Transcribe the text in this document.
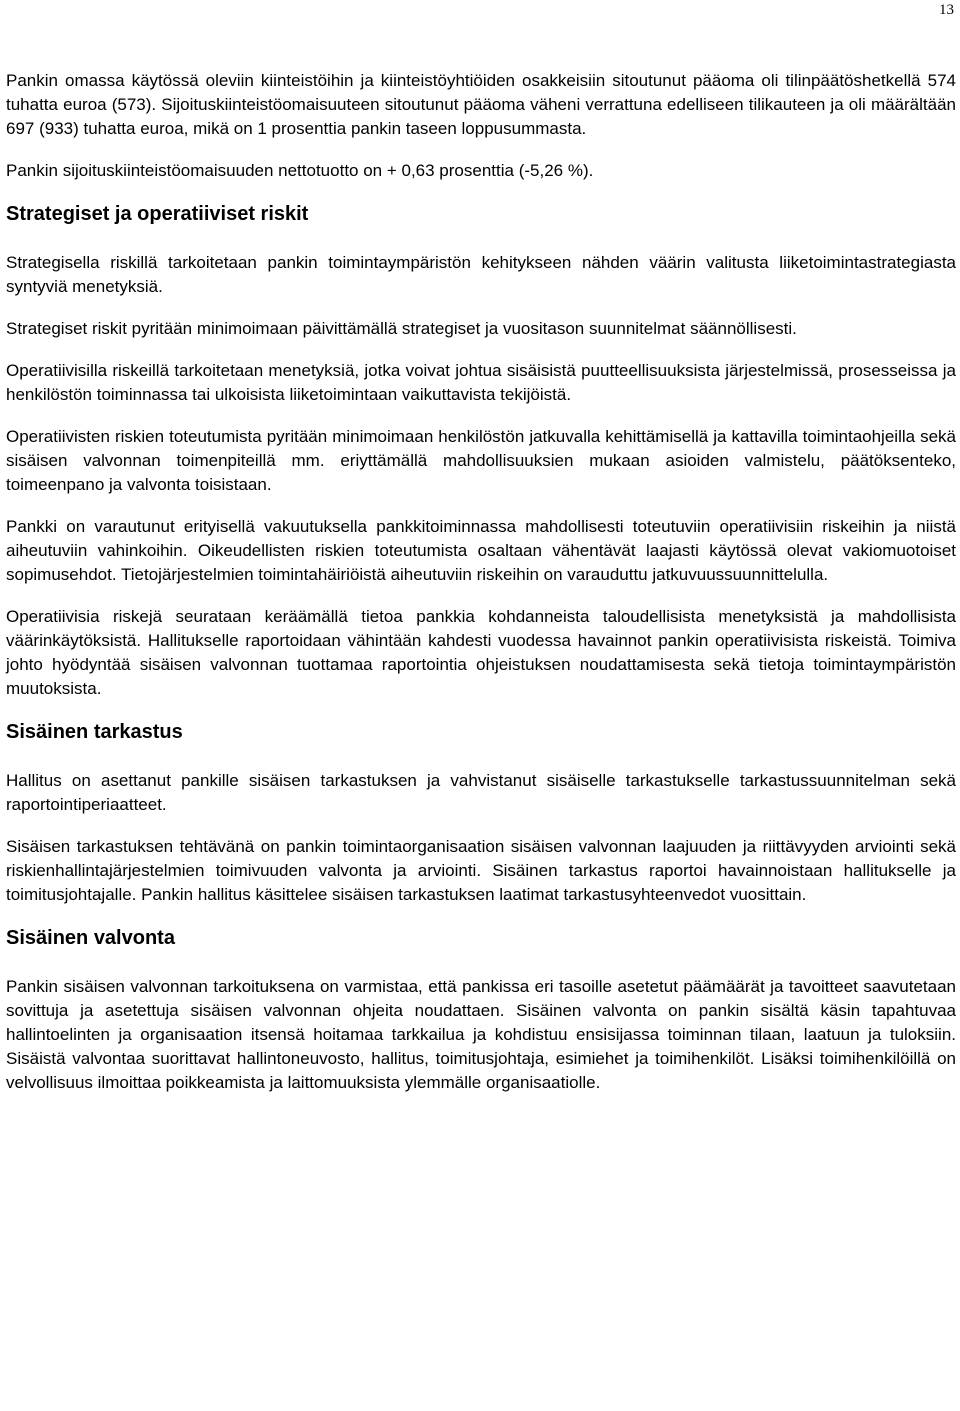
13

Pankin omassa käytössä oleviin kiinteistöihin ja kiinteistöyhtiöiden osakkeisiin sitoutunut pääoma oli tilinpäätöshetkellä 574 tuhatta euroa (573). Sijoituskiinteistöomaisuuteen sitoutunut pääoma väheni verrattuna edelliseen tilikauteen ja oli määrältään 697 (933) tuhatta euroa, mikä on 1 prosenttia pankin taseen loppusummasta.

Pankin sijoituskiinteistöomaisuuden nettotuotto on + 0,63 prosenttia (-5,26 %).

Strategiset ja operatiiviset riskit

Strategisella riskillä tarkoitetaan pankin toimintaympäristön kehitykseen nähden väärin valitusta liiketoimintastrategiasta syntyviä menetyksiä.

Strategiset riskit pyritään minimoimaan päivittämällä strategiset ja vuositason suunnitelmat säännöllisesti.

Operatiivisilla riskeillä tarkoitetaan menetyksiä, jotka voivat johtua sisäisistä puutteellisuuksista järjestelmissä, prosesseissa ja henkilöstön toiminnassa tai ulkoisista liiketoimintaan vaikuttavista tekijöistä.

Operatiivisten riskien toteutumista pyritään minimoimaan henkilöstön jatkuvalla kehittämisellä ja kattavilla toimintaohjeilla sekä sisäisen valvonnan toimenpiteillä mm. eriyttämällä mahdollisuuksien mukaan asioiden valmistelu, päätöksenteko, toimeenpano ja valvonta toisistaan.

Pankki on varautunut erityisellä vakuutuksella pankkitoiminnassa mahdollisesti toteutuviin operatiivisiin riskeihin ja niistä aiheutuviin vahinkoihin. Oikeudellisten riskien toteutumista osaltaan vähentävät laajasti käytössä olevat vakiomuotoiset sopimusehdot. Tietojärjestelmien toimintahäiriöistä aiheutuviin riskeihin on varauduttu jatkuvuussuunnittelulla.

Operatiivisia riskejä seurataan keräämällä tietoa pankkia kohdanneista taloudellisista menetyksistä ja mahdollisista väärinkäytöksistä. Hallitukselle raportoidaan vähintään kahdesti vuodessa havainnot pankin operatiivisista riskeistä. Toimiva johto hyödyntää sisäisen valvonnan tuottamaa raportointia ohjeistuksen noudattamisesta sekä tietoja toimintaympäristön muutoksista.

Sisäinen tarkastus

Hallitus on asettanut pankille sisäisen tarkastuksen ja vahvistanut sisäiselle tarkastukselle tarkastussuunnitelman sekä raportointiperiaatteet.

Sisäisen tarkastuksen tehtävänä on pankin toimintaorganisaation sisäisen valvonnan laajuuden ja riittävyyden arviointi sekä riskienhallintajärjestelmien toimivuuden valvonta ja arviointi. Sisäinen tarkastus raportoi havainnoistaan hallitukselle ja toimitusjohtajalle. Pankin hallitus käsittelee sisäisen tarkastuksen laatimat tarkastusyhteenvedot vuosittain.

Sisäinen valvonta

Pankin sisäisen valvonnan tarkoituksena on varmistaa, että pankissa eri tasoille asetetut päämäärät ja tavoitteet saavutetaan sovittuja ja asetettuja sisäisen valvonnan ohjeita noudattaen. Sisäinen valvonta on pankin sisältä käsin tapahtuvaa hallintoelinten ja organisaation itsensä hoitamaa tarkkailua ja kohdistuu ensisijassa toiminnan tilaan, laatuun ja tuloksiin. Sisäistä valvontaa suorittavat hallintoneuvosto, hallitus, toimitusjohtaja, esimiehet ja toimihenkilöt. Lisäksi toimihenkilöillä on velvollisuus ilmoittaa poikkeamista ja laittomuuksista ylemmälle organisaatiolle.
